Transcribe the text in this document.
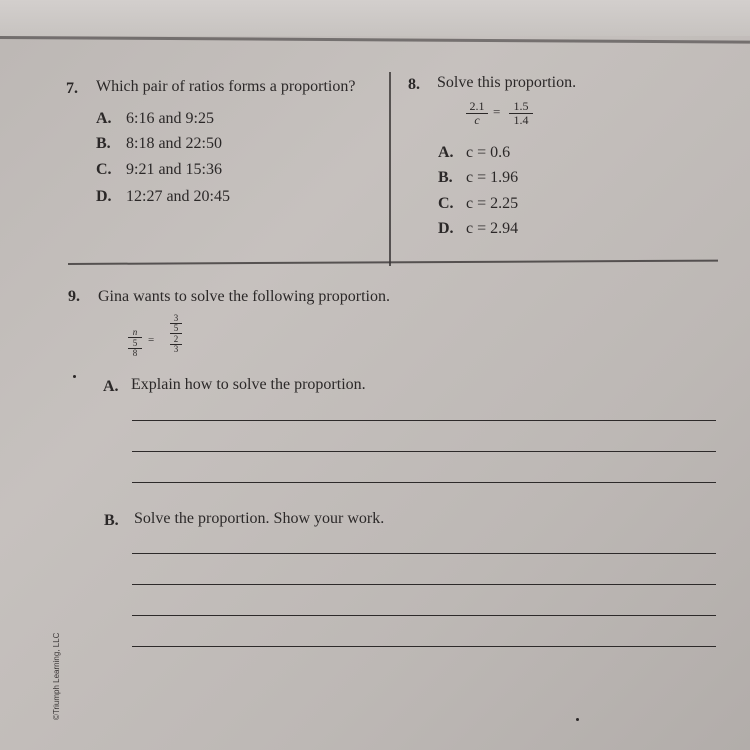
7. Which pair of ratios forms a proportion?
A. 6:16 and 9:25
B. 8:18 and 22:50
C. 9:21 and 15:36
D. 12:27 and 20:45
8. Solve this proportion.
$\frac{2.1}{c} = \frac{1.5}{1.4}$
A. c = 0.6
B. c = 1.96
C. c = 2.25
D. c = 2.94
9. Gina wants to solve the following proportion.
n
5
8 = 3
5
2
3
A. Explain how to solve the proportion.
B. Solve the proportion. Show your work.
©Triumph Learning, LLC
